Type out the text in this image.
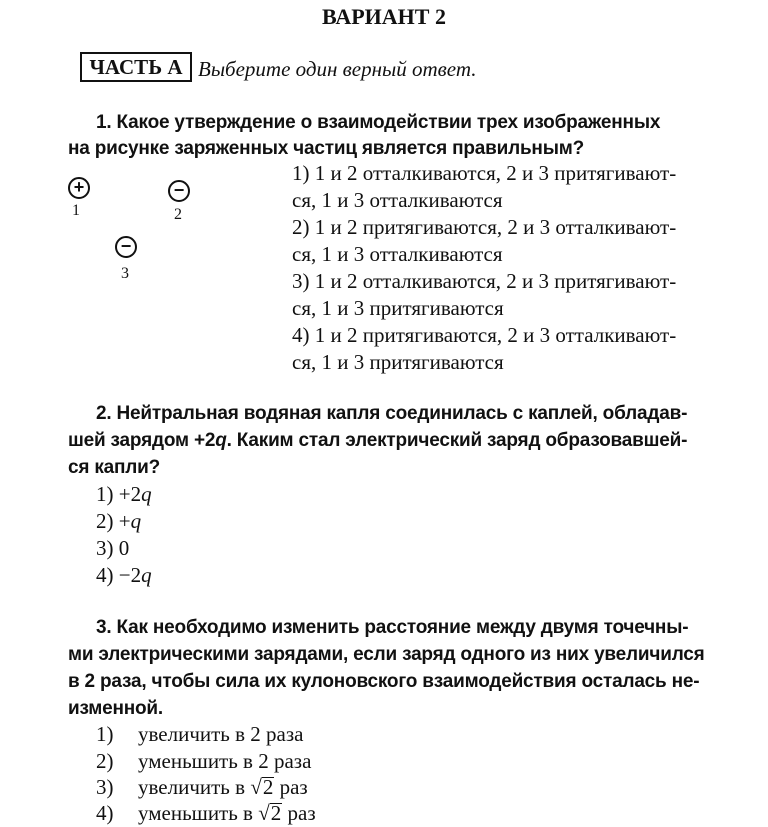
ВАРИАНТ 2
ЧАСТЬ А Выберите один верный ответ.
1. Какое утверждение о взаимодействии трех изображенных
на рисунке заряженных частиц является правильным?
+
1
−
2
−
3
1) 1 и 2 отталкиваются, 2 и 3 притягивают-
ся, 1 и 3 отталкиваются
2) 1 и 2 притягиваются, 2 и 3 отталкивают-
ся, 1 и 3 отталкиваются
3) 1 и 2 отталкиваются, 2 и 3 притягивают-
ся, 1 и 3 притягиваются
4) 1 и 2 притягиваются, 2 и 3 отталкивают-
ся, 1 и 3 притягиваются
2. Нейтральная водяная капля соединилась с каплей, обладав-
шей зарядом +2q. Каким стал электрический заряд образовавшей-
ся капли?
1) +2q
2) +q
3) 0
4) −2q
3. Как необходимо изменить расстояние между двумя точечны-
ми электрическими зарядами, если заряд одного из них увеличился
в 2 раза, чтобы сила их кулоновского взаимодействия осталась не-
изменной.
1) увеличить в 2 раза
2) уменьшить в 2 раза
3) увеличить в √2 раз
4) уменьшить в √2 раз
